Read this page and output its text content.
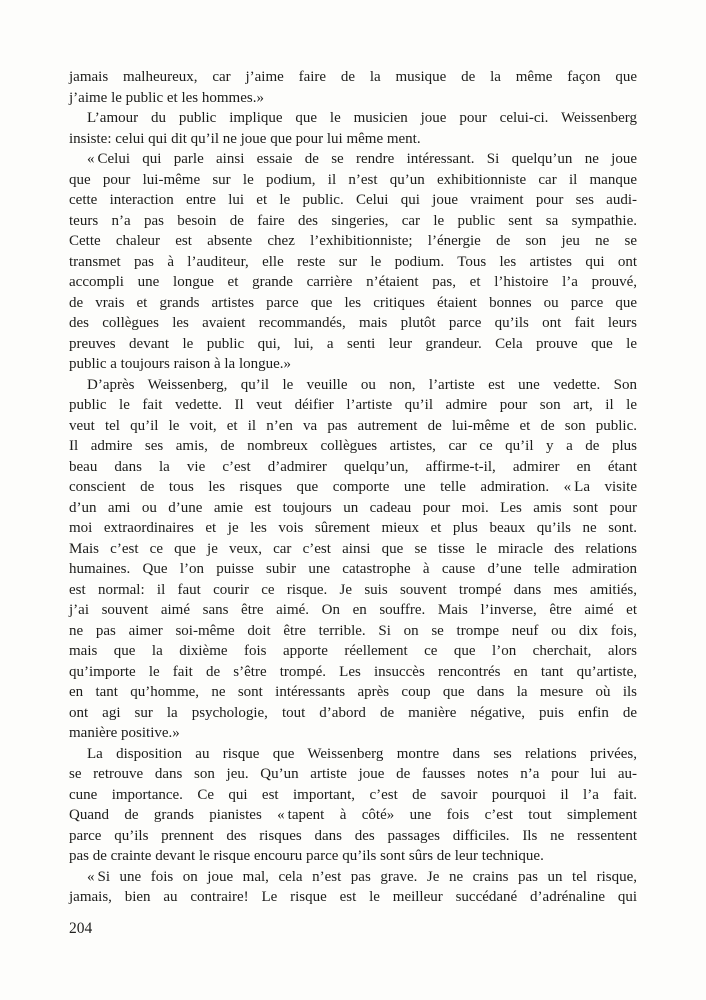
jamais malheureux, car j’aime faire de la musique de la même façon que
j’aime le public et les hommes.»
L’amour du public implique que le musicien joue pour celui-ci. Weissenberg
insiste: celui qui dit qu’il ne joue que pour lui même ment.
« Celui qui parle ainsi essaie de se rendre intéressant. Si quelqu’un ne joue
que pour lui-même sur le podium, il n’est qu’un exhibitionniste car il manque
cette interaction entre lui et le public. Celui qui joue vraiment pour ses audi-
teurs n’a pas besoin de faire des singeries, car le public sent sa sympathie.
Cette chaleur est absente chez l’exhibitionniste; l’énergie de son jeu ne se
transmet pas à l’auditeur, elle reste sur le podium. Tous les artistes qui ont
accompli une longue et grande carrière n’étaient pas, et l’histoire l’a prouvé,
de vrais et grands artistes parce que les critiques étaient bonnes ou parce que
des collègues les avaient recommandés, mais plutôt parce qu’ils ont fait leurs
preuves devant le public qui, lui, a senti leur grandeur. Cela prouve que le
public a toujours raison à la longue.»
D’après Weissenberg, qu’il le veuille ou non, l’artiste est une vedette. Son
public le fait vedette. Il veut déifier l’artiste qu’il admire pour son art, il le
veut tel qu’il le voit, et il n’en va pas autrement de lui-même et de son public.
Il admire ses amis, de nombreux collègues artistes, car ce qu’il y a de plus
beau dans la vie c’est d’admirer quelqu’un, affirme-t-il, admirer en étant
conscient de tous les risques que comporte une telle admiration. « La visite
d’un ami ou d’une amie est toujours un cadeau pour moi. Les amis sont pour
moi extraordinaires et je les vois sûrement mieux et plus beaux qu’ils ne sont.
Mais c’est ce que je veux, car c’est ainsi que se tisse le miracle des relations
humaines. Que l’on puisse subir une catastrophe à cause d’une telle admiration
est normal: il faut courir ce risque. Je suis souvent trompé dans mes amitiés,
j’ai souvent aimé sans être aimé. On en souffre. Mais l’inverse, être aimé et
ne pas aimer soi-même doit être terrible. Si on se trompe neuf ou dix fois,
mais que la dixième fois apporte réellement ce que l’on cherchait, alors
qu’importe le fait de s’être trompé. Les insuccès rencontrés en tant qu’artiste,
en tant qu’homme, ne sont intéressants après coup que dans la mesure où ils
ont agi sur la psychologie, tout d’abord de manière négative, puis enfin de
manière positive.»
La disposition au risque que Weissenberg montre dans ses relations privées,
se retrouve dans son jeu. Qu’un artiste joue de fausses notes n’a pour lui au-
cune importance. Ce qui est important, c’est de savoir pourquoi il l’a fait.
Quand de grands pianistes « tapent à côté» une fois c’est tout simplement
parce qu’ils prennent des risques dans des passages difficiles. Ils ne ressentent
pas de crainte devant le risque encouru parce qu’ils sont sûrs de leur technique.
« Si une fois on joue mal, cela n’est pas grave. Je ne crains pas un tel risque,
jamais, bien au contraire! Le risque est le meilleur succédané d’adrénaline qui
204
